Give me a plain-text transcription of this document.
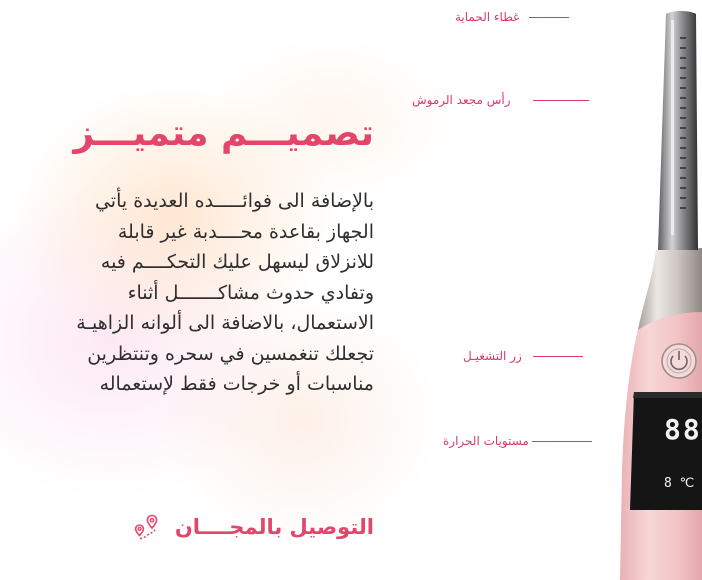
تصميـــم متميـــز
بالإضافة الى فوائـــــده العديدة يأتي
الجهاز بقاعدة محــــدبة غير قابلة
للانزلاق ليسهل عليك التحكــــم فيه
وتفادي حدوث مشاكـــــــل أثناء
الاستعمال، بالاضافة الى ألوانه الزاهيـة
تجعلك تنغمسين في سحره وتنتظرين
مناسبات أو خرجات فقط لإستعماله
التوصيل بالمجــــان
غطاء الحماية
رأس مجعد الرموش
زر التشغيـل
مستويات الحرارة	88
8 ℃
